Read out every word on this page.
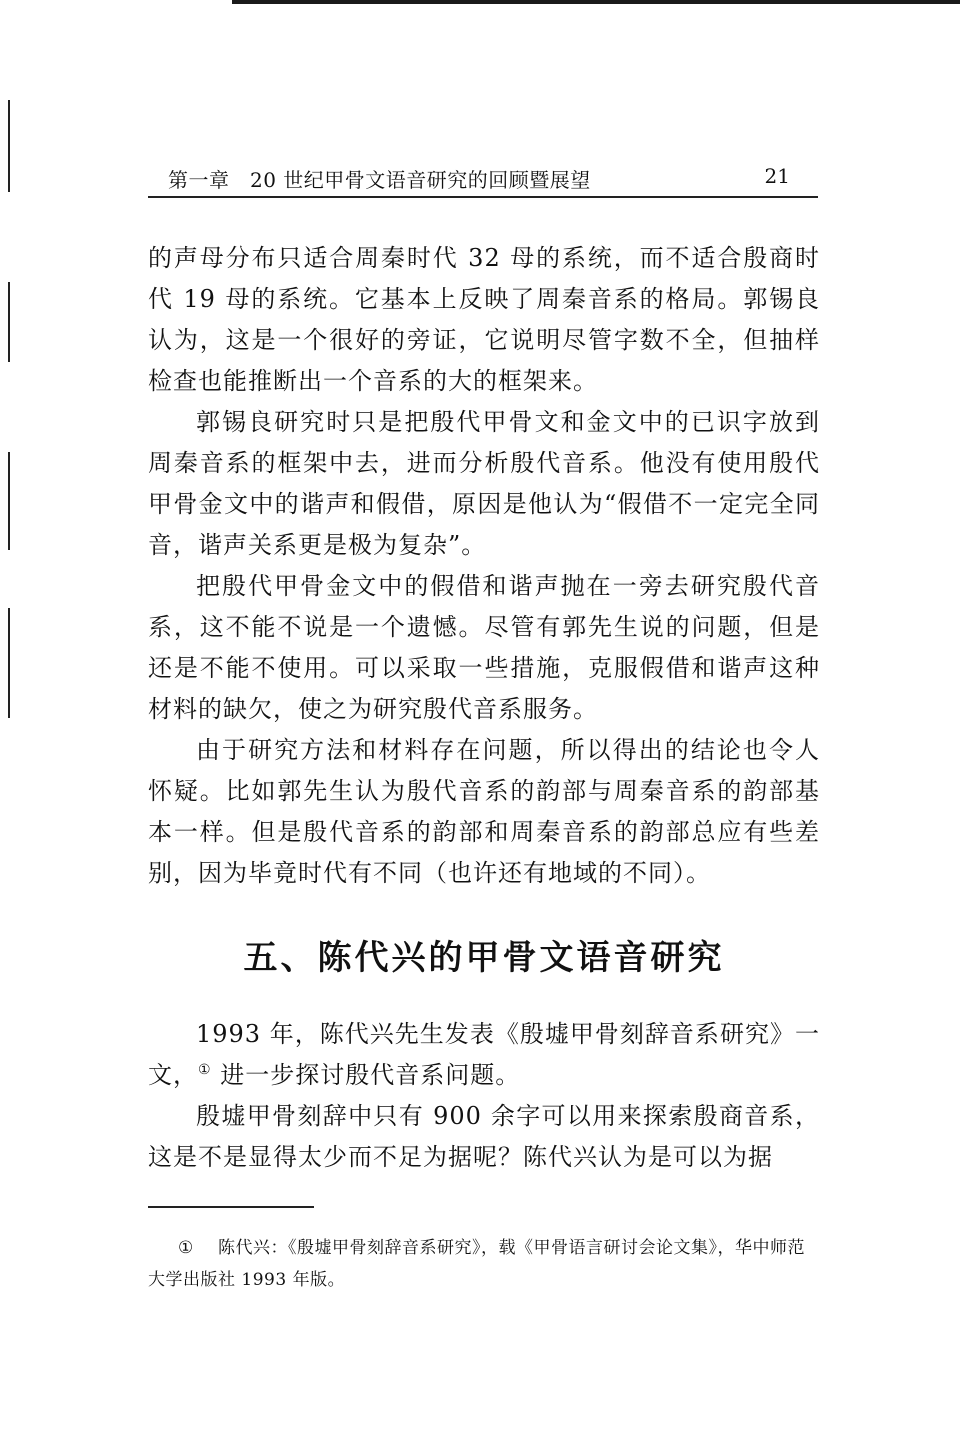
第一章　20 世纪甲骨文语音研究的回顾暨展望	21

的声母分布只适合周秦时代 32 母的系统，而不适合殷商时代 19 母的系统。它基本上反映了周秦音系的格局。郭锡良认为，这是一个很好的旁证，它说明尽管字数不全，但抽样检查也能推断出一个音系的大的框架来。

郭锡良研究时只是把殷代甲骨文和金文中的已识字放到周秦音系的框架中去，进而分析殷代音系。他没有使用殷代甲骨金文中的谐声和假借，原因是他认为“假借不一定完全同音，谐声关系更是极为复杂”。

把殷代甲骨金文中的假借和谐声抛在一旁去研究殷代音系，这不能不说是一个遗憾。尽管有郭先生说的问题，但是还是不能不使用。可以采取一些措施，克服假借和谐声这种材料的缺欠，使之为研究殷代音系服务。

由于研究方法和材料存在问题，所以得出的结论也令人怀疑。比如郭先生认为殷代音系的韵部与周秦音系的韵部基本一样。但是殷代音系的韵部和周秦音系的韵部总应有些差别，因为毕竟时代有不同（也许还有地域的不同）。

五、陈代兴的甲骨文语音研究

1993 年，陈代兴先生发表《殷墟甲骨刻辞音系研究》一文，① 进一步探讨殷代音系问题。

殷墟甲骨刻辞中只有 900 余字可以用来探索殷商音系，这是不是显得太少而不足为据呢？陈代兴认为是可以为据

① 陈代兴：《殷墟甲骨刻辞音系研究》，载《甲骨语言研讨会论文集》，华中师范大学出版社 1993 年版。
